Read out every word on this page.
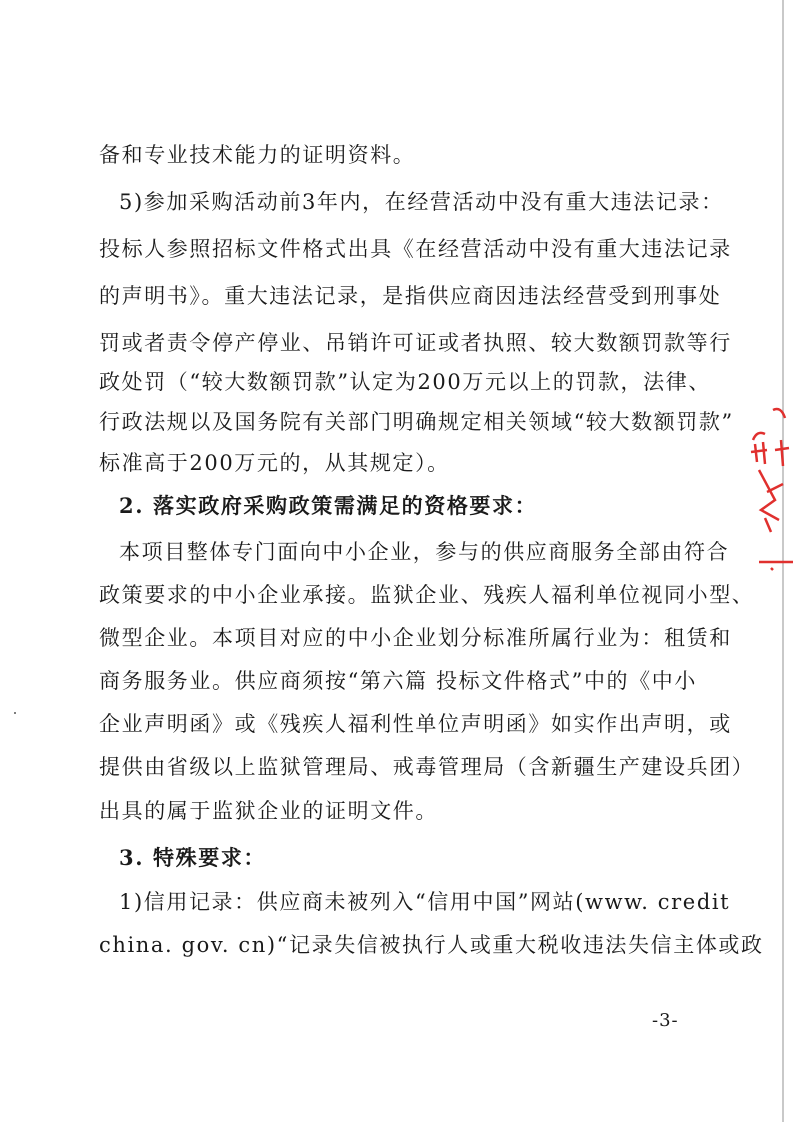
备和专业技术能力的证明资料。
5)参加采购活动前3年内，在经营活动中没有重大违法记录：
投标人参照招标文件格式出具《在经营活动中没有重大违法记录
的声明书》。重大违法记录，是指供应商因违法经营受到刑事处
罚或者责令停产停业、吊销许可证或者执照、较大数额罚款等行
政处罚（“较大数额罚款”认定为200万元以上的罚款，法律、
行政法规以及国务院有关部门明确规定相关领域“较大数额罚款”
标准高于200万元的，从其规定）。
2. 落实政府采购政策需满足的资格要求：
本项目整体专门面向中小企业，参与的供应商服务全部由符合
政策要求的中小企业承接。监狱企业、残疾人福利单位视同小型、
微型企业。本项目对应的中小企业划分标准所属行业为：租赁和
商务服务业。供应商须按“第六篇 投标文件格式”中的《中小
企业声明函》或《残疾人福利性单位声明函》如实作出声明，或
提供由省级以上监狱管理局、戒毒管理局（含新疆生产建设兵团）
出具的属于监狱企业的证明文件。
3. 特殊要求：
1)信用记录：供应商未被列入“信用中国”网站(www. credit
china. gov. cn)“记录失信被执行人或重大税收违法失信主体或政
-3-
